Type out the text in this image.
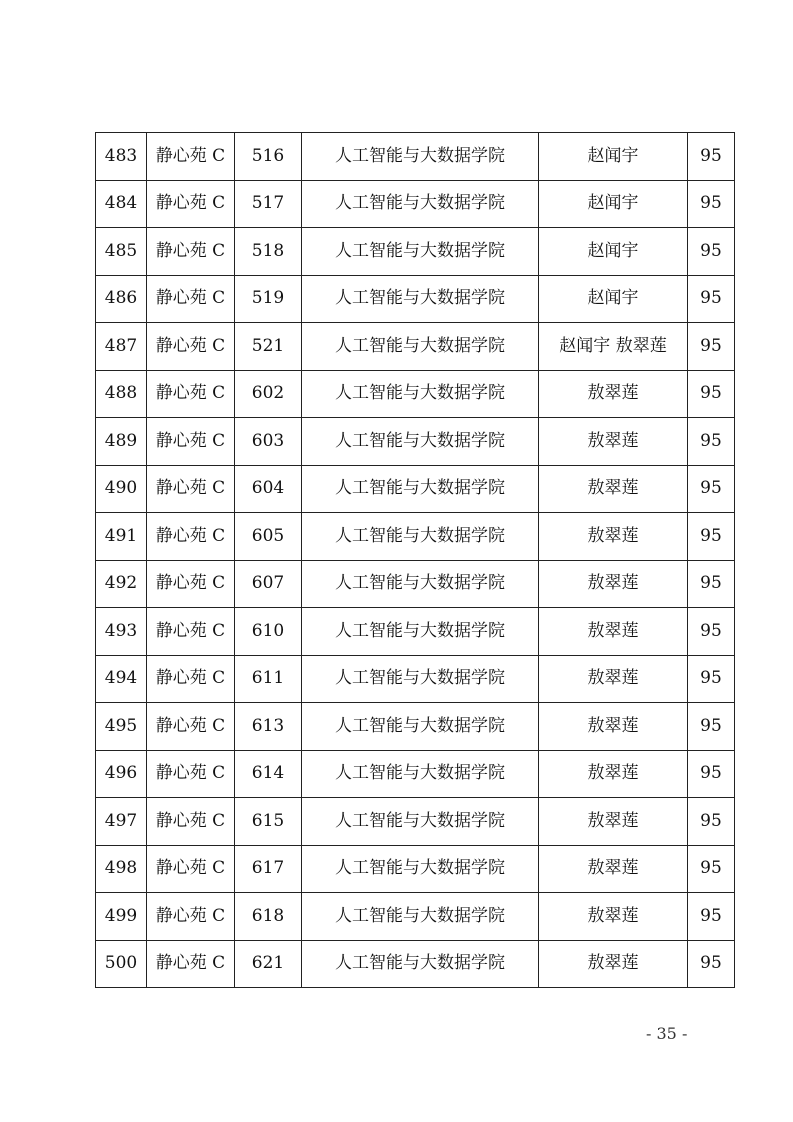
483	静心苑 C	516	人工智能与大数据学院	赵闻宇	95
484	静心苑 C	517	人工智能与大数据学院	赵闻宇	95
485	静心苑 C	518	人工智能与大数据学院	赵闻宇	95
486	静心苑 C	519	人工智能与大数据学院	赵闻宇	95
487	静心苑 C	521	人工智能与大数据学院	赵闻宇 敖翠莲	95
488	静心苑 C	602	人工智能与大数据学院	敖翠莲	95
489	静心苑 C	603	人工智能与大数据学院	敖翠莲	95
490	静心苑 C	604	人工智能与大数据学院	敖翠莲	95
491	静心苑 C	605	人工智能与大数据学院	敖翠莲	95
492	静心苑 C	607	人工智能与大数据学院	敖翠莲	95
493	静心苑 C	610	人工智能与大数据学院	敖翠莲	95
494	静心苑 C	611	人工智能与大数据学院	敖翠莲	95
495	静心苑 C	613	人工智能与大数据学院	敖翠莲	95
496	静心苑 C	614	人工智能与大数据学院	敖翠莲	95
497	静心苑 C	615	人工智能与大数据学院	敖翠莲	95
498	静心苑 C	617	人工智能与大数据学院	敖翠莲	95
499	静心苑 C	618	人工智能与大数据学院	敖翠莲	95
500	静心苑 C	621	人工智能与大数据学院	敖翠莲	95
- 35 -
